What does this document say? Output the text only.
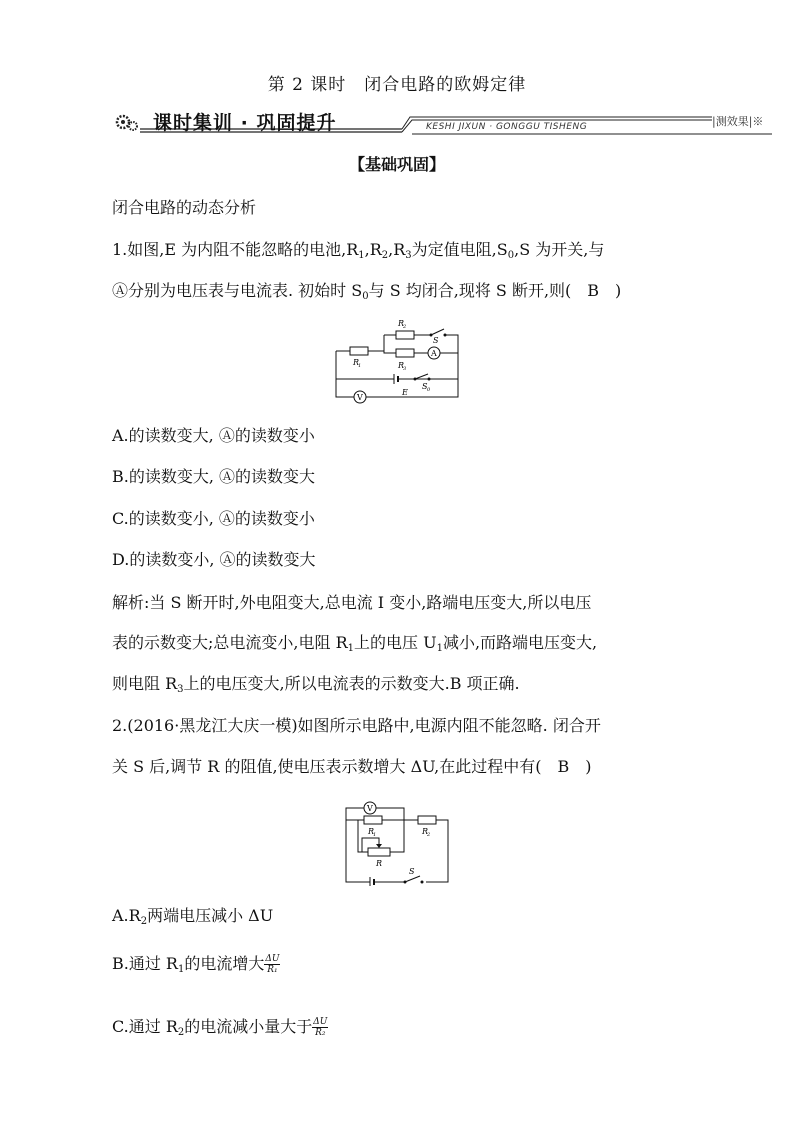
第 2 课时　闭合电路的欧姆定律
课时集训 · 巩固提升	KESHI JIXUN · GONGGU TISHENG	|测效果|※
【基础巩固】
闭合电路的动态分析
1.如图,E 为内阻不能忽略的电池$,R_1,R_2,R_3$为定值电阻$,S_0,S$ 为开关,与
Ⓐ分别为电压表与电流表. 初始时 $S_0$与 S 均闭合,现将 S 断开,则(　B　)
A
V
R
2
R
1	R
3
S
S 0
E
A.的读数变大, Ⓐ的读数变小
B.的读数变大, Ⓐ的读数变大
C.的读数变小, Ⓐ的读数变小
D.的读数变小, Ⓐ的读数变大
解析:当 S 断开时,外电阻变大,总电流 I 变小,路端电压变大,所以电压
表的示数变大;总电流变小,电阻 $R_1$上的电压 $U_1$减小,而路端电压变大,
则电阻 $R_3$上的电压变大,所以电流表的示数变大.B 项正确.
2.(2016·黑龙江大庆一模)如图所示电路中,电源内阻不能忽略. 闭合开
关 S 后,调节 R 的阻值,使电压表示数增大 ΔU,在此过程中有(　B　)
V
R
1	R
2
R
S
$A.R_2$两端电压减小 ΔU
B.通过 $R_1$的电流增大 $\frac{\Delta U}{\text{R₁}}$
C.通过 $R_2$的电流减小量大于 $\frac{\Delta U}{\text{R₂}}$
